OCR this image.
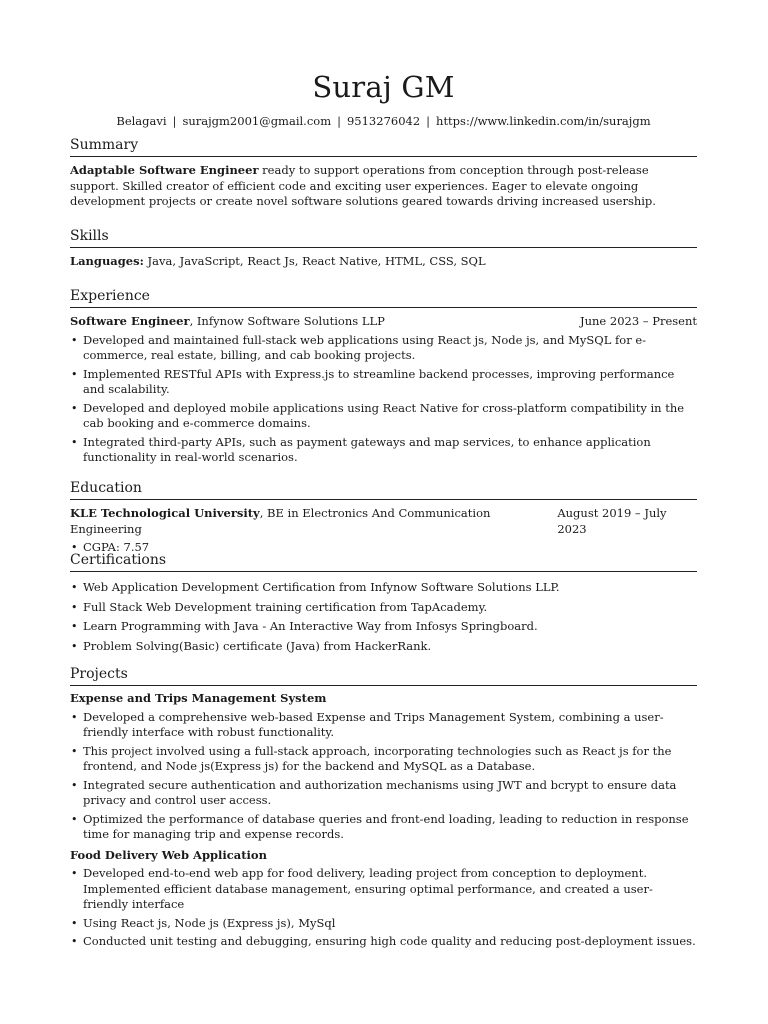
Suraj GM
Belagavi | surajgm2001@gmail.com | 9513276042 | https://www.linkedin.com/in/surajgm
Summary
Adaptable Software Engineer ready to support operations from conception through post-release support. Skilled creator of efficient code and exciting user experiences. Eager to elevate ongoing development projects or create novel software solutions geared towards driving increased usership.
Skills
Languages: Java, JavaScript, React Js, React Native, HTML, CSS, SQL
Experience
Software Engineer, Infynow Software Solutions LLP	June 2023 – Present
• Developed and maintained full-stack web applications using React js, Node js, and MySQL for e-commerce, real estate, billing, and cab booking projects.
• Implemented RESTful APIs with Express.js to streamline backend processes, improving performance and scalability.
• Developed and deployed mobile applications using React Native for cross-platform compatibility in the cab booking and e-commerce domains.
• Integrated third-party APIs, such as payment gateways and map services, to enhance application functionality in real-world scenarios.
Education
KLE Technological University, BE in Electronics And Communication Engineering
August 2019 – July 2023
• CGPA: 7.57
Certifications
• Web Application Development Certification from Infynow Software Solutions LLP.
• Full Stack Web Development training certification from TapAcademy.
• Learn Programming with Java - An Interactive Way from Infosys Springboard.
• Problem Solving(Basic) certificate (Java) from HackerRank.
Projects
Expense and Trips Management System
• Developed a comprehensive web-based Expense and Trips Management System, combining a user-friendly interface with robust functionality.
• This project involved using a full-stack approach, incorporating technologies such as React js for the frontend, and Node js(Express js) for the backend and MySQL as a Database.
• Integrated secure authentication and authorization mechanisms using JWT and bcrypt to ensure data privacy and control user access.
• Optimized the performance of database queries and front-end loading, leading to reduction in response time for managing trip and expense records.
Food Delivery Web Application
• Developed end-to-end web app for food delivery, leading project from conception to deployment. Implemented efficient database management, ensuring optimal performance, and created a user-friendly interface
• Using React js, Node js (Express js), MySql
• Conducted unit testing and debugging, ensuring high code quality and reducing post-deployment issues.
